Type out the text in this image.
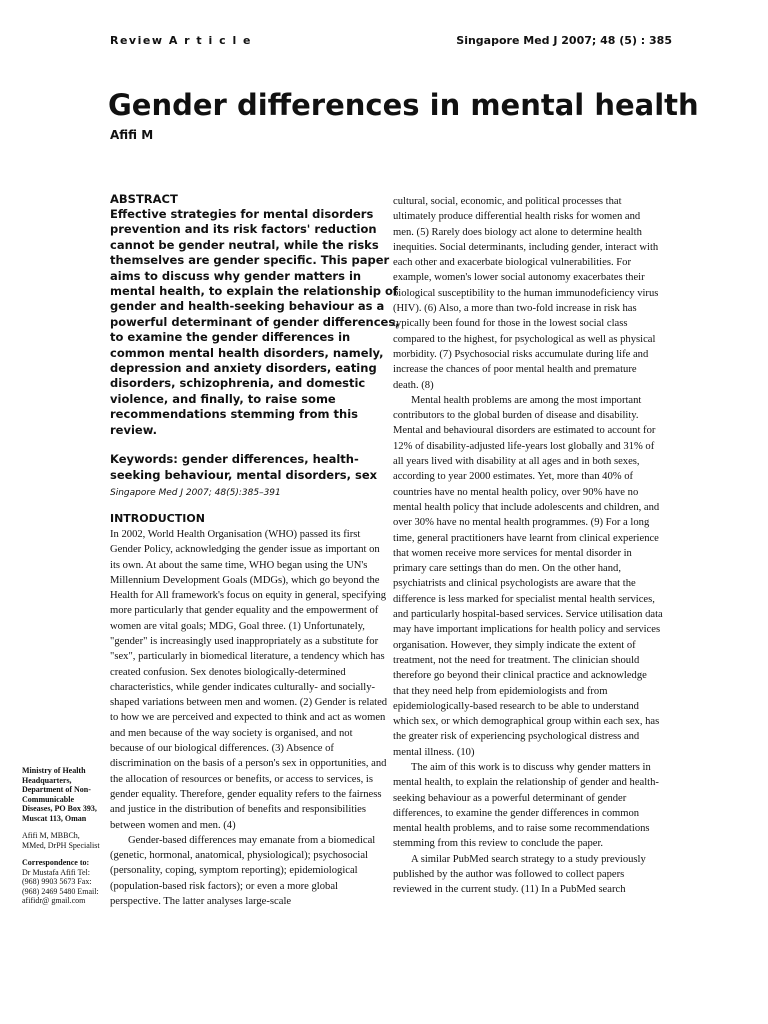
Review A r t i c l e	Singapore Med J 2007; 48 (5) : 385
Gender differences in mental health
Afifi M
ABSTRACT

Effective strategies for mental disorders prevention and its risk factors' reduction cannot be gender neutral, while the risks themselves are gender specific. This paper aims to discuss why gender matters in mental health, to explain the relationship of gender and health-seeking behaviour as a powerful determinant of gender differences, to examine the gender differences in common mental health disorders, namely, depression and anxiety disorders, eating disorders, schizophrenia, and domestic violence, and finally, to raise some recommendations stemming from this review.

Keywords: gender differences, health-seeking behaviour, mental disorders, sex

Singapore Med J 2007; 48(5):385–391
INTRODUCTION

In 2002, World Health Organisation (WHO) passed its first Gender Policy, acknowledging the gender issue as important on its own. At about the same time, WHO began using the UN's Millennium Development Goals (MDGs), which go beyond the Health for All framework's focus on equity in general, specifying more particularly that gender equality and the empowerment of women are vital goals; MDG, Goal three. (1) Unfortunately, "gender" is increasingly used inappropriately as a substitute for "sex", particularly in biomedical literature, a tendency which has created confusion. Sex denotes biologically-determined characteristics, while gender indicates culturally- and socially-shaped variations between men and women. (2) Gender is related to how we are perceived and expected to think and act as women and men because of the way society is organised, and not because of our biological differences. (3) Absence of discrimination on the basis of a person's sex in opportunities, and the allocation of resources or benefits, or access to services, is gender equality. Therefore, gender equality refers to the fairness and justice in the distribution of benefits and responsibilities between women and men. (4)

Gender-based differences may emanate from a biomedical (genetic, hormonal, anatomical, physiological); psychosocial (personality, coping, symptom reporting); epidemiological (population-based risk factors); or even a more global perspective. The latter analyses large-scale

cultural, social, economic, and political processes that ultimately produce differential health risks for women and men. (5) Rarely does biology act alone to determine health inequities. Social determinants, including gender, interact with each other and exacerbate biological vulnerabilities. For example, women's lower social autonomy exacerbates their biological susceptibility to the human immunodeficiency virus (HIV). (6) Also, a more than two-fold increase in risk has typically been found for those in the lowest social class compared to the highest, for psychological as well as physical morbidity. (7) Psychosocial risks accumulate during life and increase the chances of poor mental health and premature death. (8)

Mental health problems are among the most important contributors to the global burden of disease and disability. Mental and behavioural disorders are estimated to account for 12% of disability-adjusted life-years lost globally and 31% of all years lived with disability at all ages and in both sexes, according to year 2000 estimates. Yet, more than 40% of countries have no mental health policy, over 90% have no mental health policy that include adolescents and children, and over 30% have no mental health programmes. (9) For a long time, general practitioners have learnt from clinical experience that women receive more services for mental disorder in primary care settings than do men. On the other hand, psychiatrists and clinical psychologists are aware that the difference is less marked for specialist mental health services, and particularly hospital-based services. Service utilisation data may have important implications for health policy and services organisation. However, they simply indicate the extent of treatment, not the need for treatment. The clinician should therefore go beyond their clinical practice and acknowledge that they need help from epidemiologists and from epidemiologically-based research to be able to understand which sex, or which demographical group within each sex, has the greater risk of experiencing psychological distress and mental illness. (10)

The aim of this work is to discuss why gender matters in mental health, to explain the relationship of gender and health-seeking behaviour as a powerful determinant of gender differences, to examine the gender differences in common mental health problems, and to raise some recommendations stemming from this review to conclude the paper.

A similar PubMed search strategy to a study previously published by the author was followed to collect papers reviewed in the current study. (11) In a PubMed search

Ministry of Health Headquarters, Department of Non-Communicable Diseases, PO Box 393, Muscat 113, Oman

Afifi M, MBBCh, MMed, DrPH Specialist

Correspondence to:

Dr Mustafa Afifi Tel: (968) 9903 5673 Fax: (968) 2469 5480 Email: afifidr@ gmail.com
